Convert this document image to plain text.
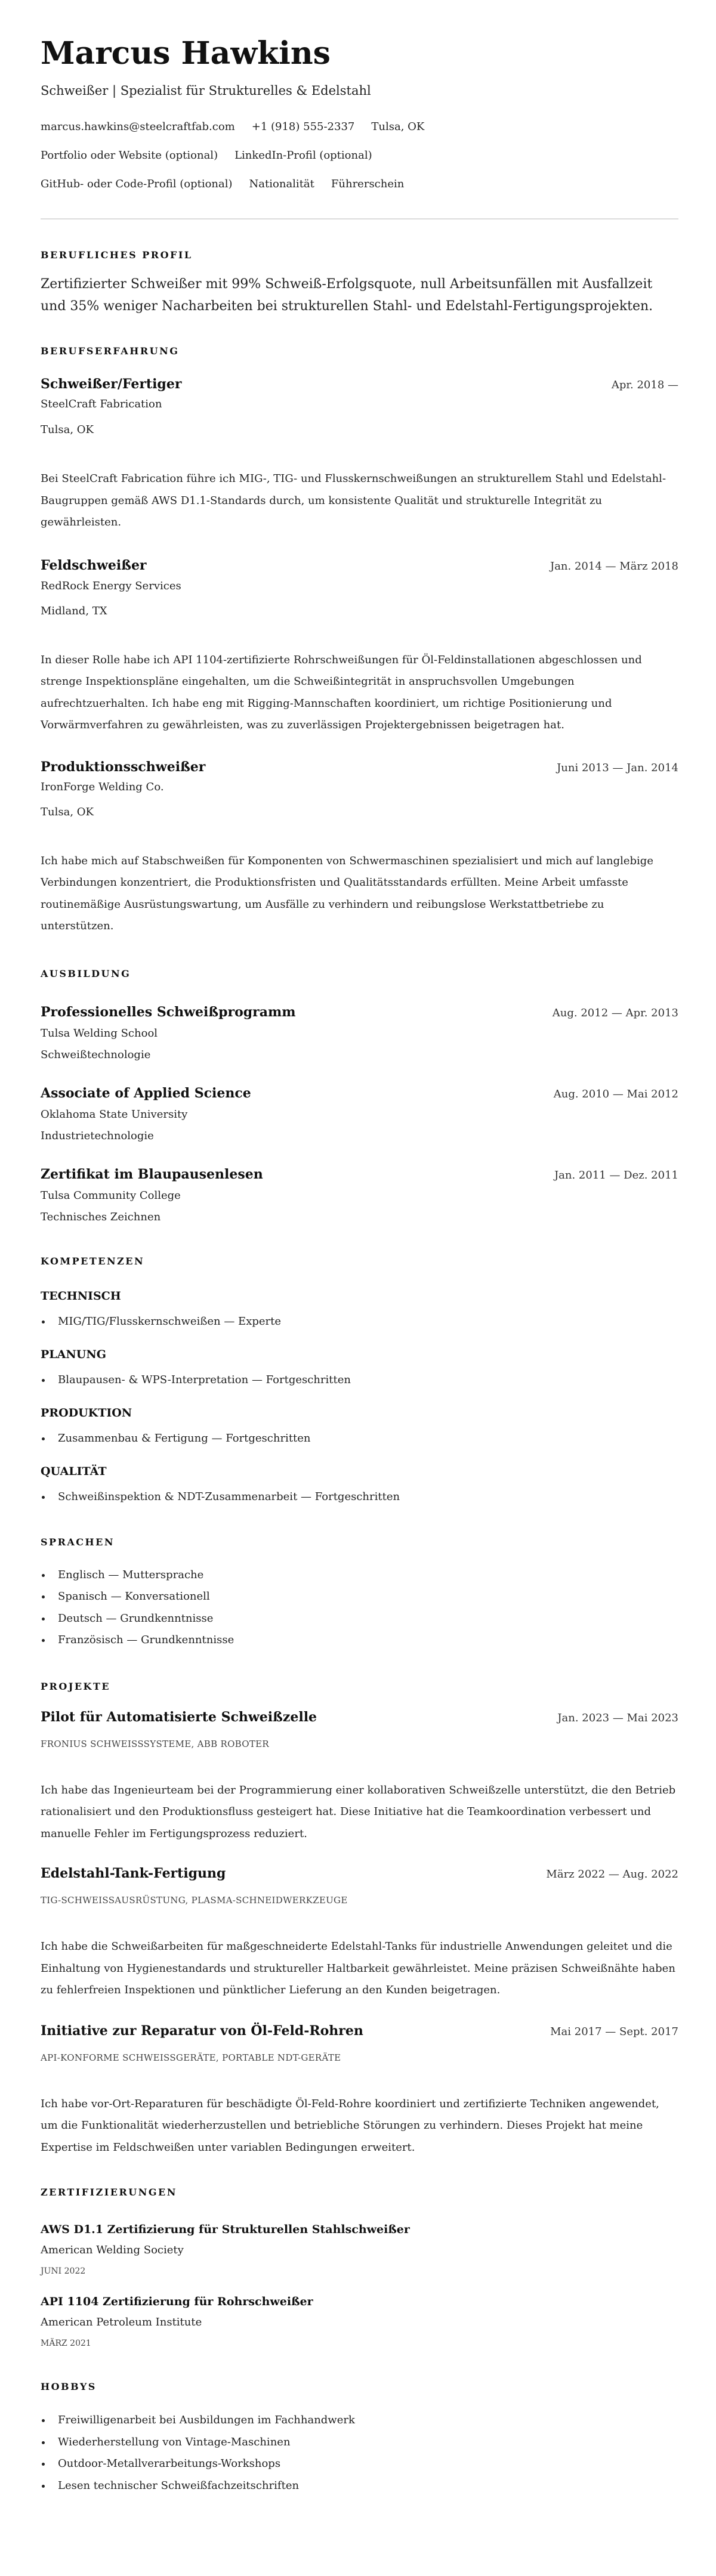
Marcus Hawkins
Schweißer | Spezialist für Strukturelles & Edelstahl
marcus.hawkins@steelcraftfab.com +1 (918) 555-2337 Tulsa, OK
Portfolio oder Website (optional) LinkedIn-Profil (optional)
GitHub- oder Code-Profil (optional) Nationalität Führerschein
BERUFLICHES PROFIL
Zertifizierter Schweißer mit 99% Schweiß-Erfolgsquote, null Arbeitsunfällen mit Ausfallzeit und 35% weniger Nacharbeiten bei strukturellen Stahl- und Edelstahl-Fertigungsprojekten.
BERUFSERFAHRUNG
Schweißer/Fertiger	Apr. 2018 —
SteelCraft Fabrication
Tulsa, OK
Bei SteelCraft Fabrication führe ich MIG-, TIG- und Flusskernschweißungen an strukturellem Stahl und Edelstahl-Baugruppen gemäß AWS D1.1-Standards durch, um konsistente Qualität und strukturelle Integrität zu gewährleisten.
Feldschweißer	Jan. 2014 — März 2018
RedRock Energy Services
Midland, TX
In dieser Rolle habe ich API 1104-zertifizierte Rohrschweißungen für Öl-Feldinstallationen abgeschlossen und strenge Inspektionspläne eingehalten, um die Schweißintegrität in anspruchsvollen Umgebungen aufrechtzuerhalten. Ich habe eng mit Rigging-Mannschaften koordiniert, um richtige Positionierung und Vorwärmverfahren zu gewährleisten, was zu zuverlässigen Projektergebnissen beigetragen hat.
Produktionsschweißer	Juni 2013 — Jan. 2014
IronForge Welding Co.
Tulsa, OK
Ich habe mich auf Stabschweißen für Komponenten von Schwermaschinen spezialisiert und mich auf langlebige Verbindungen konzentriert, die Produktionsfristen und Qualitätsstandards erfüllten. Meine Arbeit umfasste routinemäßige Ausrüstungswartung, um Ausfälle zu verhindern und reibungslose Werkstattbetriebe zu unterstützen.
AUSBILDUNG
Professionelles Schweißprogramm	Aug. 2012 — Apr. 2013
Tulsa Welding School
Schweißtechnologie
Associate of Applied Science	Aug. 2010 — Mai 2012
Oklahoma State University
Industrietechnologie
Zertifikat im Blaupausenlesen	Jan. 2011 — Dez. 2011
Tulsa Community College
Technisches Zeichnen
KOMPETENZEN
TECHNISCH
MIG/TIG/Flusskernschweißen — Experte
PLANUNG
Blaupausen- & WPS-Interpretation — Fortgeschritten
PRODUKTION
Zusammenbau & Fertigung — Fortgeschritten
QUALITÄT
Schweißinspektion & NDT-Zusammenarbeit — Fortgeschritten
SPRACHEN
Englisch — Muttersprache
Spanisch — Konversationell
Deutsch — Grundkenntnisse
Französisch — Grundkenntnisse
PROJEKTE
Pilot für Automatisierte Schweißzelle	Jan. 2023 — Mai 2023
FRONIUS SCHWEISSSYSTEME, ABB ROBOTER
Ich habe das Ingenieurteam bei der Programmierung einer kollaborativen Schweißzelle unterstützt, die den Betrieb rationalisiert und den Produktionsfluss gesteigert hat. Diese Initiative hat die Teamkoordination verbessert und manuelle Fehler im Fertigungsprozess reduziert.
Edelstahl-Tank-Fertigung	März 2022 — Aug. 2022
TIG-SCHWEISSAUSRÜSTUNG, PLASMA-SCHNEIDWERKZEUGE
Ich habe die Schweißarbeiten für maßgeschneiderte Edelstahl-Tanks für industrielle Anwendungen geleitet und die Einhaltung von Hygienestandards und struktureller Haltbarkeit gewährleistet. Meine präzisen Schweißnähte haben zu fehlerfreien Inspektionen und pünktlicher Lieferung an den Kunden beigetragen.
Initiative zur Reparatur von Öl-Feld-Rohren	Mai 2017 — Sept. 2017
API-KONFORME SCHWEISSGERÄTE, PORTABLE NDT-GERÄTE
Ich habe vor-Ort-Reparaturen für beschädigte Öl-Feld-Rohre koordiniert und zertifizierte Techniken angewendet, um die Funktionalität wiederherzustellen und betriebliche Störungen zu verhindern. Dieses Projekt hat meine Expertise im Feldschweißen unter variablen Bedingungen erweitert.
ZERTIFIZIERUNGEN
AWS D1.1 Zertifizierung für Strukturellen Stahlschweißer
American Welding Society
JUNI 2022
API 1104 Zertifizierung für Rohrschweißer
American Petroleum Institute
MÄRZ 2021
HOBBYS
Freiwilligenarbeit bei Ausbildungen im Fachhandwerk
Wiederherstellung von Vintage-Maschinen
Outdoor-Metallverarbeitungs-Workshops
Lesen technischer Schweißfachzeitschriften
